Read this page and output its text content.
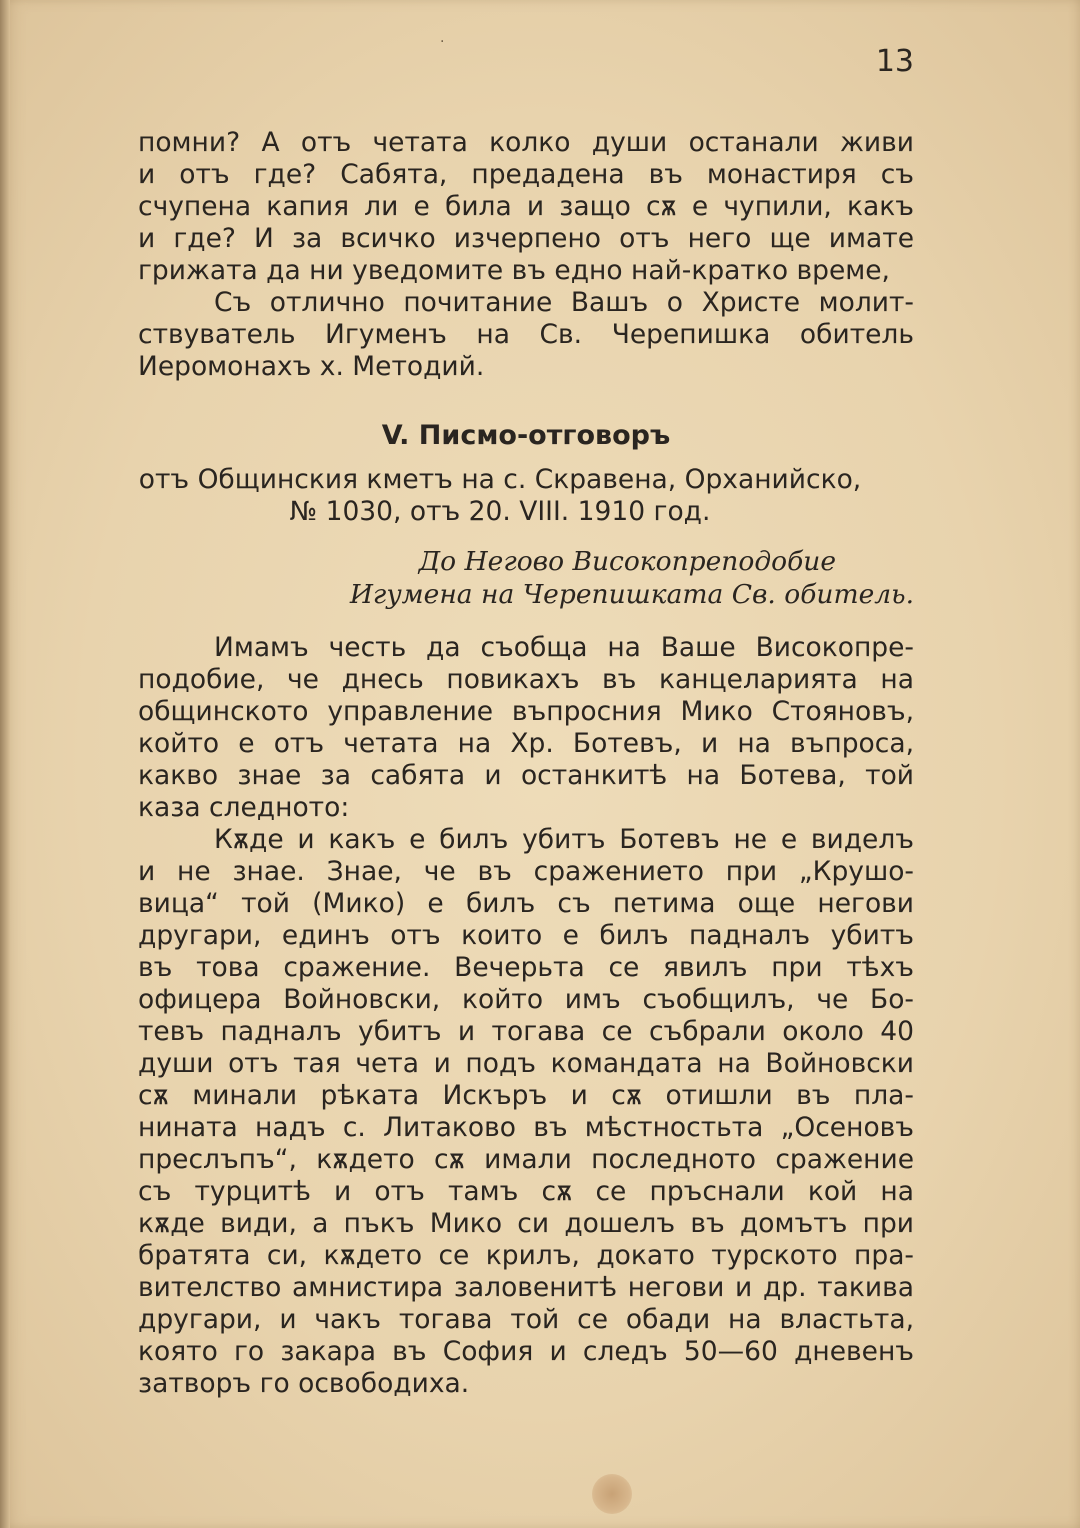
·
13

помни? А отъ четата колко души останали живи

и отъ где? Сабята, предадена въ монастиря съ

счупена капия ли е била и защо сѫ е чупили, какъ

и где? И за всичко изчерпено отъ него ще имате

грижата да ни уведомите въ едно най-кратко време,

Съ отлично почитание Вашъ о Христе молит-

ствуватель Игуменъ на Св. Черепишка обитель

Иеромонахъ х. Методий.

V. Писмо-отговоръ
отъ Общинския кметъ на с. Скравена, Орханийско,
№ 1030, отъ 20. VIII. 1910 год.
До Негово Високопреподобие
Игумена на Черепишката Св. обитель.

Имамъ честь да съобща на Ваше Високопре-

подобие, че днесь повикахъ въ канцеларията на

общинското управление въпросния Мико Стояновъ,

който е отъ четата на Хр. Ботевъ, и на въпроса,

какво знае за сабята и останкитѣ на Ботева, той

каза следното:

Кѫде и какъ е билъ убитъ Ботевъ не е виделъ

и не знае. Знае, че въ сражението при „Крушо-

вица“ той (Мико) е билъ съ петима още негови

другари, единъ отъ които е билъ падналъ убитъ

въ това сражение. Вечерьта се явилъ при тѣхъ

офицера Войновски, който имъ съобщилъ, че Бо-

тевъ падналъ убитъ и тогава се събрали около 40

души отъ тая чета и подъ командата на Войновски

сѫ минали рѣката Искъръ и сѫ отишли въ пла-

нината надъ с. Литаково въ мѣстностьта „Осеновъ

преслъпъ“, кѫдето сѫ имали последното сражение

съ турцитѣ и отъ тамъ сѫ се пръснали кой на

кѫде види, а пъкъ Мико си дошелъ въ домътъ при

братята си, кѫдето се крилъ, докато турското пра-

вителство амнистира заловенитѣ негови и др. такива

другари, и чакъ тогава той се обади на властьта,

която го закара въ София и следъ 50—60 дневенъ

затворъ го освободиха.
